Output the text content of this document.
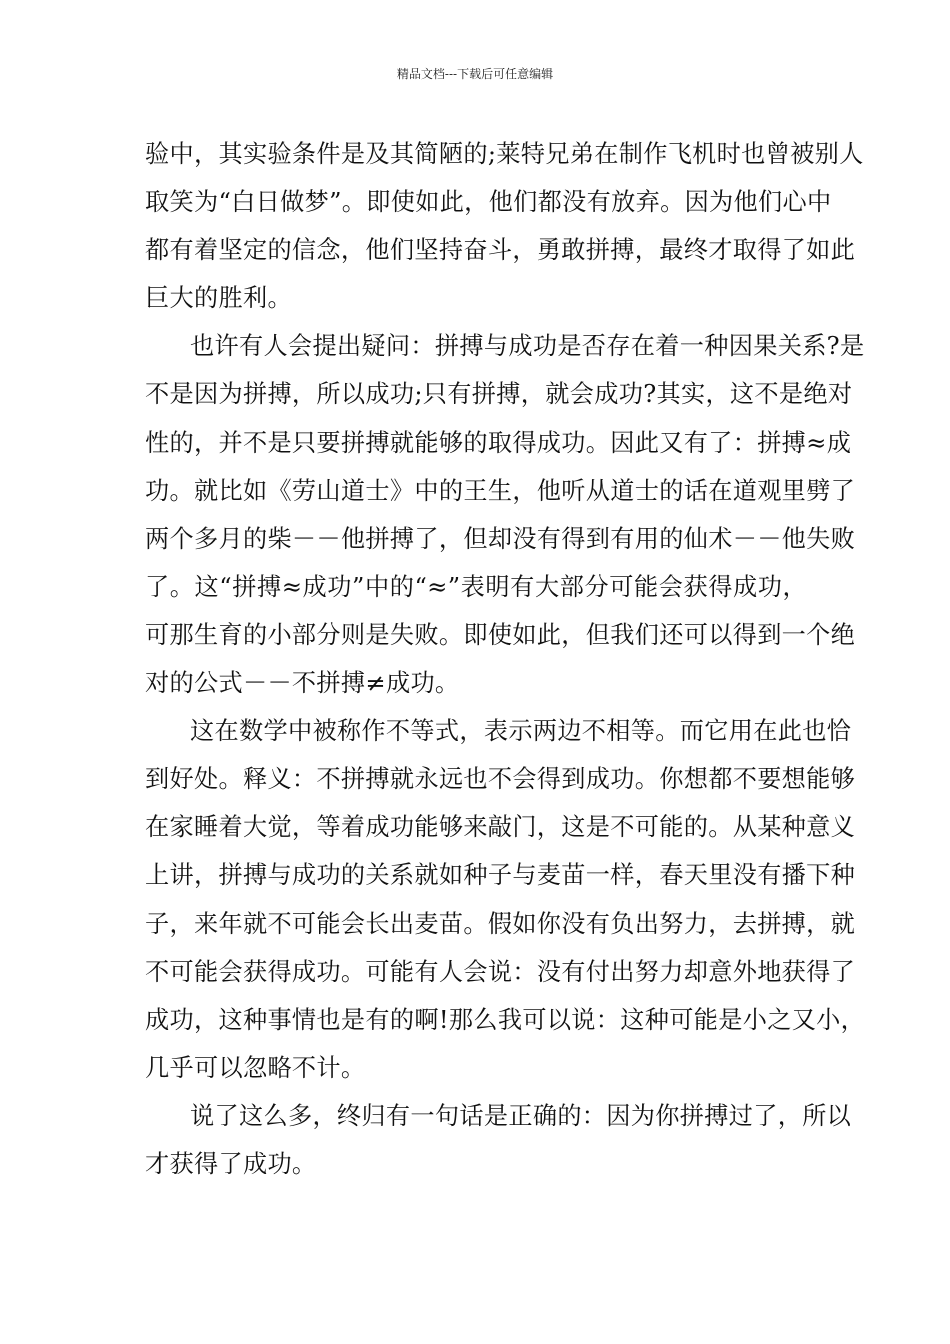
精品文档---下载后可任意编辑
验中，其实验条件是及其简陋的;莱特兄弟在制作飞机时也曾被别人
取笑为“白日做梦”。即使如此，他们都没有放弃。因为他们心中
都有着坚定的信念，他们坚持奋斗，勇敢拼搏，最终才取得了如此
巨大的胜利。
也许有人会提出疑问：拼搏与成功是否存在着一种因果关系?是
不是因为拼搏，所以成功;只有拼搏，就会成功?其实，这不是绝对
性的，并不是只要拼搏就能够的取得成功。因此又有了：拼搏≈成
功。就比如《劳山道士》中的王生，他听从道士的话在道观里劈了
两个多月的柴－－他拼搏了，但却没有得到有用的仙术－－他失败
了。这“拼搏≈成功”中的“≈”表明有大部分可能会获得成功，
可那生育的小部分则是失败。即使如此，但我们还可以得到一个绝
对的公式－－不拼搏≠成功。
这在数学中被称作不等式，表示两边不相等。而它用在此也恰
到好处。释义：不拼搏就永远也不会得到成功。你想都不要想能够
在家睡着大觉，等着成功能够来敲门，这是不可能的。从某种意义
上讲，拼搏与成功的关系就如种子与麦苗一样，春天里没有播下种
子，来年就不可能会长出麦苗。假如你没有负出努力，去拼搏，就
不可能会获得成功。可能有人会说：没有付出努力却意外地获得了
成功，这种事情也是有的啊!那么我可以说：这种可能是小之又小，
几乎可以忽略不计。
说了这么多，终归有一句话是正确的：因为你拼搏过了，所以
才获得了成功。
